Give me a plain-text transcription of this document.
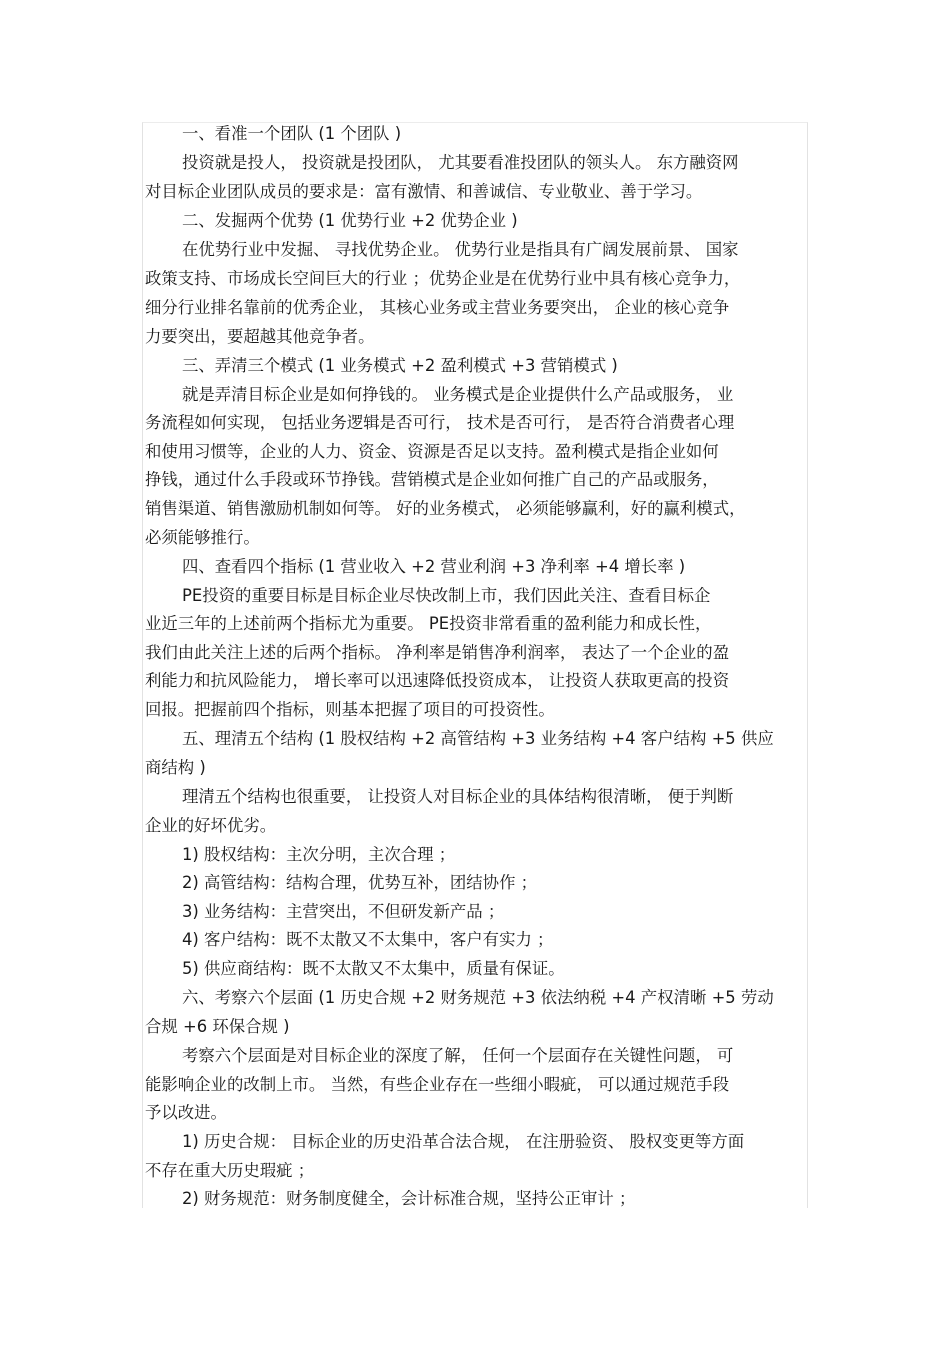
一、看准一个团队 (1 个团队 )
投资就是投人， 投资就是投团队， 尤其要看准投团队的领头人。 东方融资网
对目标企业团队成员的要求是：富有激情、和善诚信、专业敬业、善于学习。
二、发掘两个优势 (1 优势行业 +2 优势企业 )
在优势行业中发掘、 寻找优势企业。 优势行业是指具有广阔发展前景、 国家
政策支持、市场成长空间巨大的行业 ；优势企业是在优势行业中具有核心竞争力，
细分行业排名靠前的优秀企业， 其核心业务或主营业务要突出， 企业的核心竞争
力要突出，要超越其他竞争者。
三、弄清三个模式 (1 业务模式 +2 盈利模式 +3 营销模式 )
就是弄清目标企业是如何挣钱的。 业务模式是企业提供什么产品或服务， 业
务流程如何实现， 包括业务逻辑是否可行， 技术是否可行， 是否符合消费者心理
和使用习惯等，企业的人力、资金、资源是否足以支持。盈利模式是指企业如何
挣钱，通过什么手段或环节挣钱。营销模式是企业如何推广自己的产品或服务，
销售渠道、销售激励机制如何等。 好的业务模式， 必须能够赢利，好的赢利模式，
必须能够推行。
四、查看四个指标 (1 营业收入 +2 营业利润 +3 净利率 +4 增长率 )
PE投资的重要目标是目标企业尽快改制上市，我们因此关注、查看目标企
业近三年的上述前两个指标尤为重要。 PE投资非常看重的盈利能力和成长性，
我们由此关注上述的后两个指标。 净利率是销售净利润率， 表达了一个企业的盈
利能力和抗风险能力， 增长率可以迅速降低投资成本， 让投资人获取更高的投资
回报。把握前四个指标，则基本把握了项目的可投资性。
五、理清五个结构 (1 股权结构 +2 高管结构 +3 业务结构 +4 客户结构 +5 供应
商结构 )
理清五个结构也很重要， 让投资人对目标企业的具体结构很清晰， 便于判断
企业的好坏优劣。
1) 股权结构：主次分明，主次合理 ；
2) 高管结构：结构合理，优势互补，团结协作 ；
3) 业务结构：主营突出，不但研发新产品 ；
4) 客户结构：既不太散又不太集中，客户有实力 ；
5) 供应商结构：既不太散又不太集中，质量有保证。
六、考察六个层面 (1 历史合规 +2 财务规范 +3 依法纳税 +4 产权清晰 +5 劳动
合规 +6 环保合规 )
考察六个层面是对目标企业的深度了解， 任何一个层面存在关键性问题， 可
能影响企业的改制上市。 当然，有些企业存在一些细小暇疵， 可以通过规范手段
予以改进。
1) 历史合规： 目标企业的历史沿革合法合规， 在注册验资、 股权变更等方面
不存在重大历史瑕疵 ；
2) 财务规范：财务制度健全，会计标准合规，坚持公正审计 ；
